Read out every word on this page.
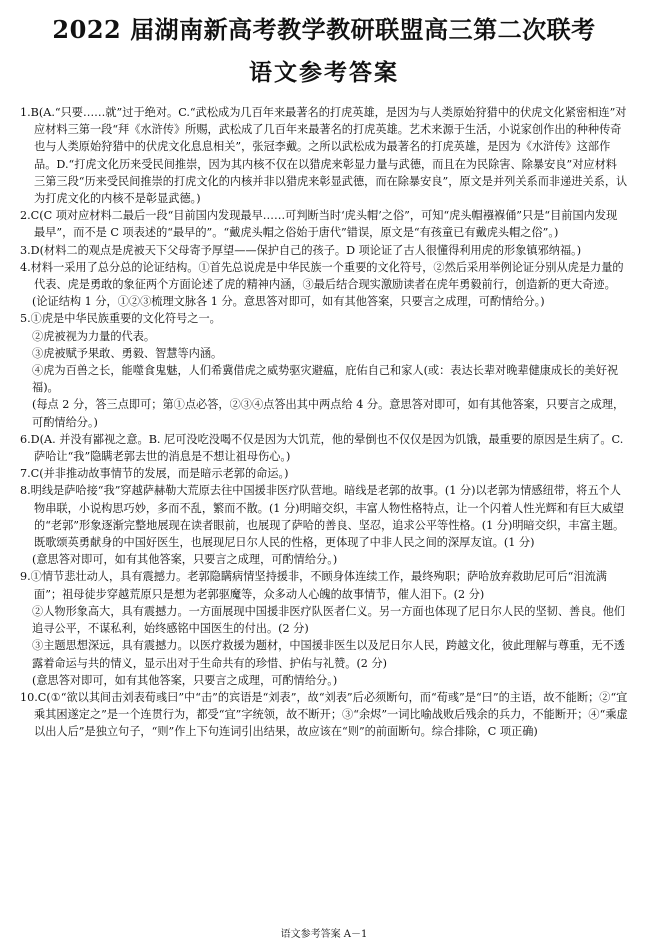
2022 届湖南新高考教学教研联盟高三第二次联考
语文参考答案

1.B(A.“只要……就”过于绝对。C.“武松成为几百年来最著名的打虎英雄，是因为与人类原始狩猎中的伏虎文化紧密相连”对应材料三第一段“拜《水浒传》所赐，武松成了几百年来最著名的打虎英雄。艺术来源于生活，小说家创作出的种种传奇也与人类原始狩猎中的伏虎文化息息相关”，张冠李戴。之所以武松成为最著名的打虎英雄，是因为《水浒传》这部作品。D.“打虎文化历来受民间推崇，因为其内核不仅在以猎虎来彰显力量与武德，而且在为民除害、除暴安良”对应材料三第三段“历来受民间推崇的打虎文化的内核并非以猎虎来彰显武德，而在除暴安良”，原文是并列关系而非递进关系，认为打虎文化的内核不是彰显武德。)

2.C(C 项对应材料二最后一段“目前国内发现最早……可判断当时‘虎头帽’之俗”，可知“虎头帽襁褓俑”只是“目前国内发现最早”，而不是 C 项表述的“最早的”。“戴虎头帽之俗始于唐代”错误，原文是“有孩童已有戴虎头帽之俗”。)

3.D(材料二的观点是虎被天下父母寄予厚望——保护自己的孩子。D 项论证了古人很懂得利用虎的形象镇邪纳福。)

4.材料一采用了总分总的论证结构。①首先总说虎是中华民族一个重要的文化符号，②然后采用举例论证分别从虎是力量的代表、虎是勇敢的象征两个方面论述了虎的精神内涵，③最后结合现实激励读者在虎年勇毅前行，创造新的更大奇迹。

(论证结构 1 分，①②③梳理文脉各 1 分。意思答对即可，如有其他答案，只要言之成理，可酌情给分。)

5.①虎是中华民族重要的文化符号之一。

②虎被视为力量的代表。

③虎被赋予果敢、勇毅、智慧等内涵。

④虎为百兽之长，能噬食鬼魅，人们希冀借虎之威势驱灾避瘟，庇佑自己和家人(或：表达长辈对晚辈健康成长的美好祝福)。

(每点 2 分，答三点即可；第①点必答，②③④点答出其中两点给 4 分。意思答对即可，如有其他答案，只要言之成理，可酌情给分。)

6.D(A. 并没有鄙视之意。B. 尼可没吃没喝不仅是因为大饥荒，他的晕倒也不仅仅是因为饥饿，最重要的原因是生病了。C. 萨哈让“我”隐瞒老郭去世的消息是不想让祖母伤心。)

7.C(并非推动故事情节的发展，而是暗示老郭的命运。)

8.明线是萨哈接“我”穿越萨赫勒大荒原去往中国援非医疗队营地。暗线是老郭的故事。(1 分)以老郭为情感纽带，将五个人物串联，小说构思巧妙，多而不乱，繁而不散。(1 分)明暗交织，丰富人物性格特点，让一个闪着人性光辉和有巨大威望的“老郭”形象逐渐完整地展现在读者眼前，也展现了萨哈的善良、坚忍，追求公平等性格。(1 分)明暗交织，丰富主题。既歌颂英勇献身的中国好医生，也展现尼日尔人民的性格，更体现了中非人民之间的深厚友谊。(1 分)

(意思答对即可，如有其他答案，只要言之成理，可酌情给分。)

9.①情节悲壮动人，具有震撼力。老郭隐瞒病情坚持援非，不顾身体连续工作，最终殉职；萨哈放弃救助尼可后“泪流满面”；祖母徒步穿越荒原只是想为老郭驱魔等，众多动人心魄的故事情节，催人泪下。(2 分)

②人物形象高大，具有震撼力。一方面展现中国援非医疗队医者仁义。另一方面也体现了尼日尔人民的坚韧、善良。他们追寻公平，不谋私利，始终感铭中国医生的付出。(2 分)

③主题思想深远，具有震撼力。以医疗救援为题材，中国援非医生以及尼日尔人民，跨越文化，彼此理解与尊重，无不透露着命运与共的情义，显示出对于生命共有的珍惜、护佑与礼赞。(2 分)

(意思答对即可，如有其他答案，只要言之成理，可酌情给分。)

10.C(①“欲以其间击刘表荀彧曰”中“击”的宾语是“刘表”，故“刘表”后必须断句，而“荀彧”是“曰”的主语，故不能断；②“宜乘其困遂定之”是一个连贯行为，都受“宜”字统领，故不断开；③“余烬”一词比喻战败后残余的兵力，不能断开；④“乘虚以出人后”是独立句子，“则”作上下句连词引出结果，故应该在“则”的前面断句。综合排除，C 项正确)

语文参考答案 A－1
